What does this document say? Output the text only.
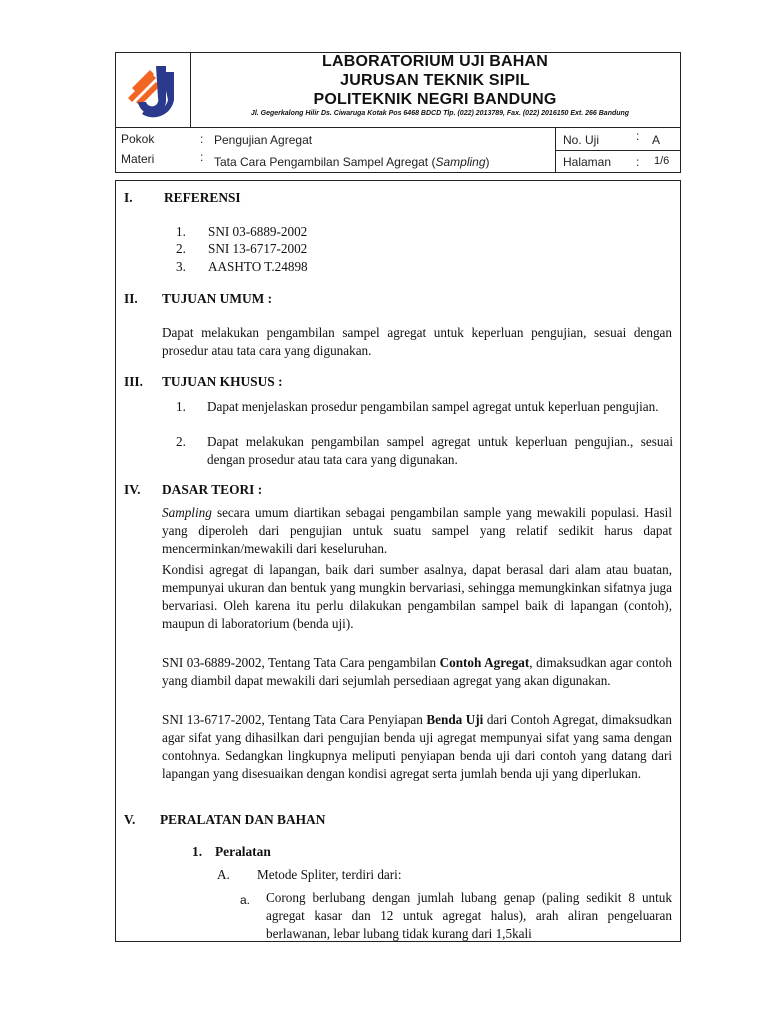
LABORATORIUM UJI BAHAN
JURUSAN TEKNIK SIPIL
POLITEKNIK NEGRI BANDUNG
Jl. Gegerkalong Hilir Ds. Ciwaruga Kotak Pos 6468 BDCD Tlp. (022) 2013789, Fax. (022) 2016150 Ext. 266 Bandung
Pokok
Materi
:
:
Pengujian Agregat
Tata Cara Pengambilan Sampel Agregat (Sampling)
No. Uji	: A
Halaman : 1/6
I. REFERENSI
1. SNI 03-6889-2002
2. SNI 13-6717-2002
3. AASHTO T.24898
II. TUJUAN UMUM :
Dapat melakukan pengambilan sampel agregat untuk keperluan pengujian, sesuai dengan prosedur atau tata cara yang digunakan.
III. TUJUAN KHUSUS :
1. Dapat menjelaskan prosedur pengambilan sampel agregat untuk keperluan pengujian.
2. Dapat melakukan pengambilan sampel agregat untuk keperluan pengujian., sesuai dengan prosedur atau tata cara yang digunakan.
IV. DASAR TEORI :
Sampling secara umum diartikan sebagai pengambilan sample yang mewakili populasi. Hasil yang diperoleh dari pengujian untuk suatu sampel yang relatif sedikit harus dapat mencerminkan/mewakili dari keseluruhan.
Kondisi agregat di lapangan, baik dari sumber asalnya, dapat berasal dari alam atau buatan, mempunyai ukuran dan bentuk yang mungkin bervariasi, sehingga memungkinkan sifatnya juga bervariasi. Oleh karena itu perlu dilakukan pengambilan sampel baik di lapangan (contoh), maupun di laboratorium (benda uji).
SNI 03-6889-2002, Tentang Tata Cara pengambilan Contoh Agregat, dimaksudkan agar contoh yang diambil dapat mewakili dari sejumlah persediaan agregat yang akan digunakan.
SNI 13-6717-2002, Tentang Tata Cara Penyiapan Benda Uji dari Contoh Agregat, dimaksudkan agar sifat yang dihasilkan dari pengujian benda uji agregat mempunyai sifat yang sama dengan contohnya. Sedangkan lingkupnya meliputi penyiapan benda uji dari contoh yang datang dari lapangan yang disesuaikan dengan kondisi agregat serta jumlah benda uji yang diperlukan.
V. PERALATAN DAN BAHAN
1. Peralatan
A. Metode Spliter, terdiri dari:
a. Corong berlubang dengan jumlah lubang genap (paling sedikit 8 untuk agregat kasar dan 12 untuk agregat halus), arah aliran pengeluaran berlawanan, lebar lubang tidak kurang dari 1,5kali
